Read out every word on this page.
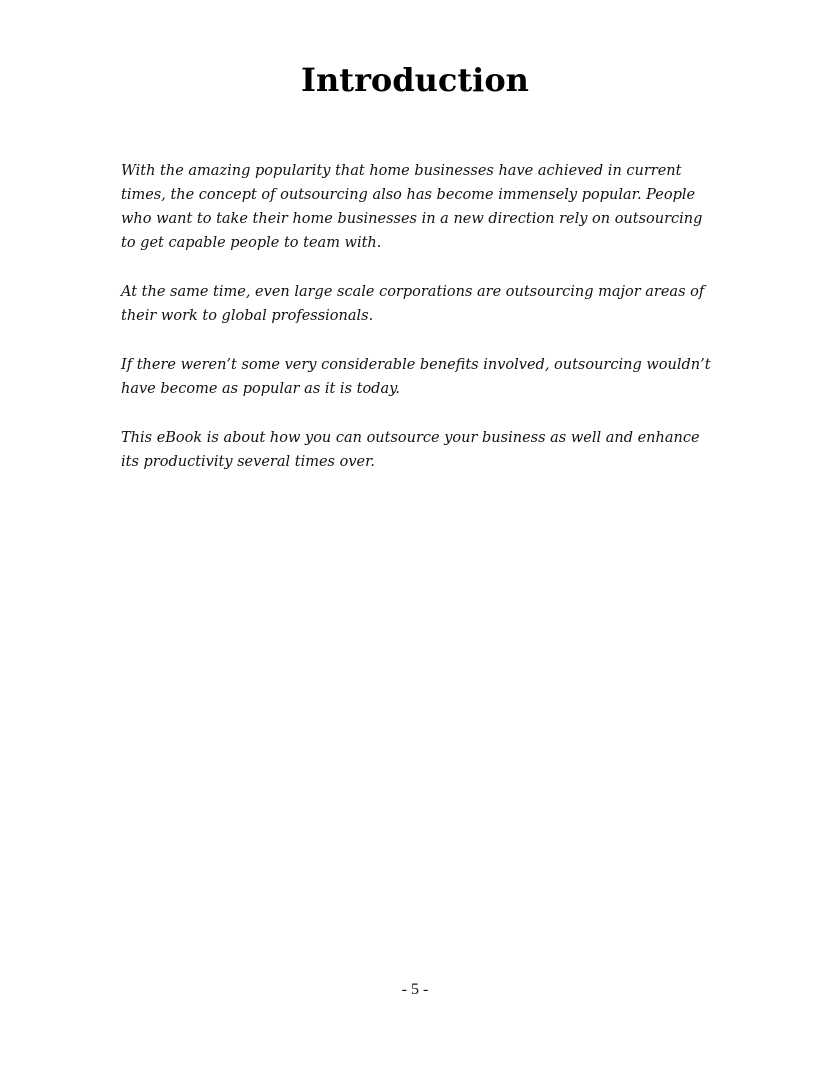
Introduction

With the amazing popularity that home businesses have achieved in current times, the concept of outsourcing also has become immensely popular. People who want to take their home businesses in a new direction rely on outsourcing to get capable people to team with.

At the same time, even large scale corporations are outsourcing major areas of their work to global professionals.

If there weren’t some very considerable benefits involved, outsourcing wouldn’t have become as popular as it is today.

This eBook is about how you can outsource your business as well and enhance its productivity several times over.

- 5 -
